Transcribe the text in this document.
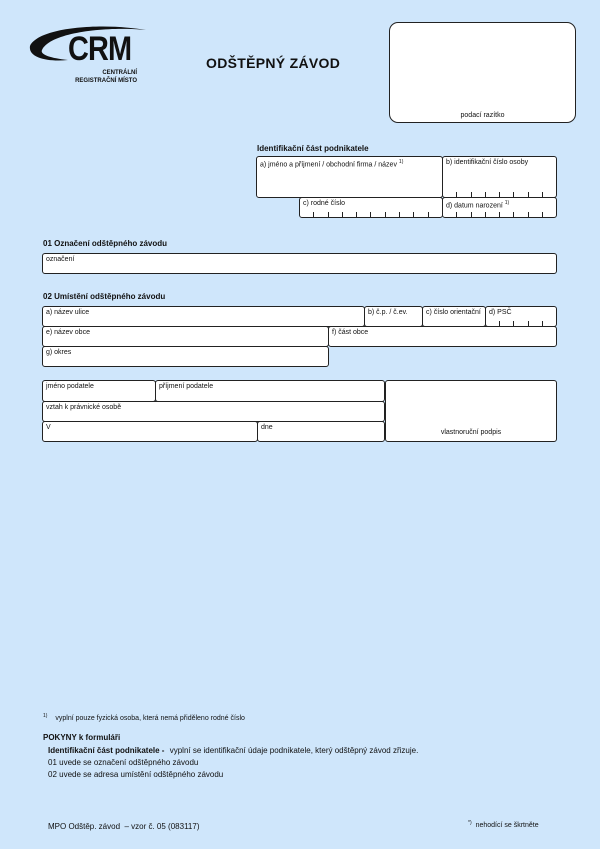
CRM
CENTRÁLNÍ
REGISTRAČNÍ MÍSTO
ODŠTĚPNÝ ZÁVOD
podací razítko
Identifikační část podnikatele
a) jméno a příjmení / obchodní firma / název $^{1)}$	b) identifikační číslo osoby
c) rodné číslo	d) datum narození $^{1)}$
01 Označení odštěpného závodu
označení
02 Umístění odštěpného závodu
a) název ulice	b) č.p. / č.ev.	c) číslo orientační d) PSČ
e) název obce	f) část obce
g) okres
jméno podatele	příjmení podatele
vlastnoruční podpis
vztah k právnické osobě
V	dne
$^{1)}$ vyplní pouze fyzická osoba, která nemá přiděleno rodné číslo
POKYNY k formuláři
Identifikační část podnikatele - vyplní se identifikační údaje podnikatele, který odštěpný závod zřizuje.
01 uvede se označení odštěpného závodu
02 uvede se adresa umístění odštěpného závodu
MPO Odštěp. závod  – vzor č. 05 (083117)	*) nehodící se škrtněte
